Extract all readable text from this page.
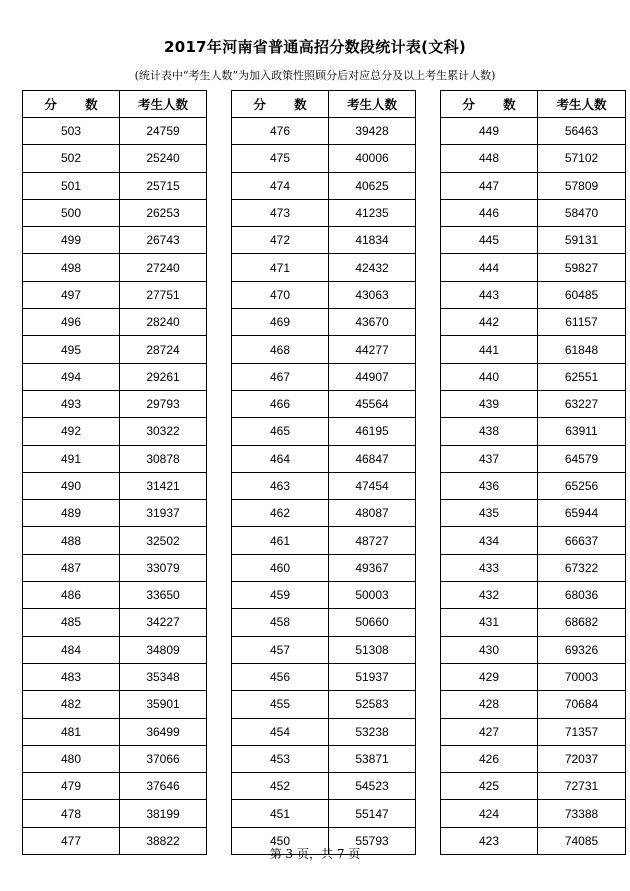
2017年河南省普通高招分数段统计表(文科)
(统计表中“考生人数”为加入政策性照顾分后对应总分及以上考生累计人数)
分 数	考生人数
503	24759
502	25240
501	25715
500	26253
499	26743
498	27240
497	27751
496	28240
495	28724
494	29261
493	29793
492	30322
491	30878
490	31421
489	31937
488	32502
487	33079
486	33650
485	34227
484	34809
483	35348
482	35901
481	36499
480	37066
479	37646
478	38199
477	38822
分 数	考生人数
476	39428
475	40006
474	40625
473	41235
472	41834
471	42432
470	43063
469	43670
468	44277
467	44907
466	45564
465	46195
464	46847
463	47454
462	48087
461	48727
460	49367
459	50003
458	50660
457	51308
456	51937
455	52583
454	53238
453	53871
452	54523
451	55147
450	55793
分 数	考生人数
449	56463
448	57102
447	57809
446	58470
445	59131
444	59827
443	60485
442	61157
441	61848
440	62551
439	63227
438	63911
437	64579
436	65256
435	65944
434	66637
433	67322
432	68036
431	68682
430	69326
429	70003
428	70684
427	71357
426	72037
425	72731
424	73388
423	74085
第 3 页，共 7 页
